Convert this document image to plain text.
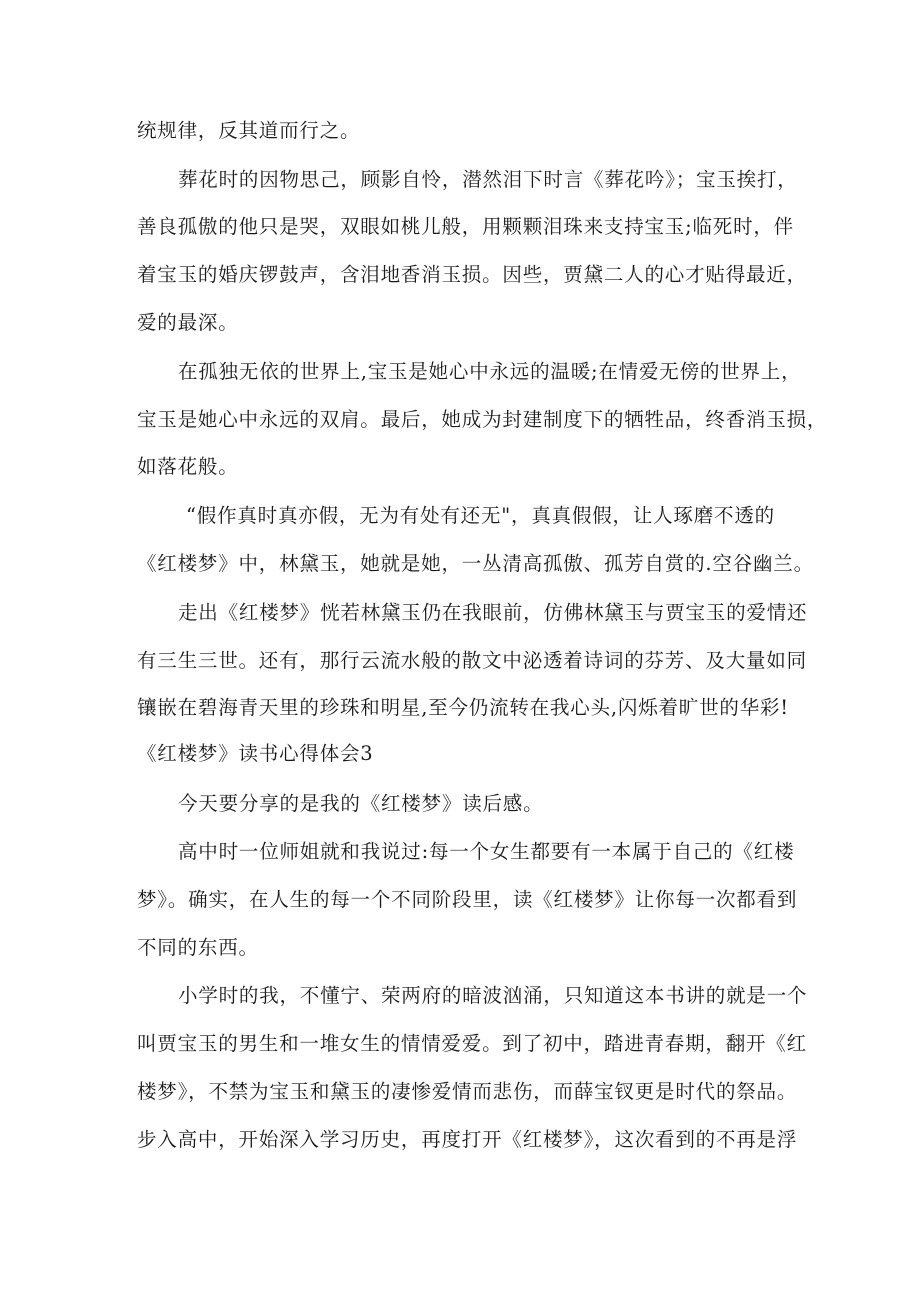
统规律，反其道而行之。
葬花时的因物思己，顾影自怜，潜然泪下时言《葬花吟》；宝玉挨打，
善良孤傲的他只是哭，双眼如桃儿般，用颗颗泪珠来支持宝玉;临死时，伴
着宝玉的婚庆锣鼓声，含泪地香消玉损。因些，贾黛二人的心才贴得最近，
爱的最深。
在孤独无依的世界上,宝玉是她心中永远的温暖;在情爱无傍的世界上，
宝玉是她心中永远的双肩。最后，她成为封建制度下的牺牲品，终香消玉损，
如落花般。
“假作真时真亦假，无为有处有还无"，真真假假，让人琢磨不透的
《红楼梦》中，林黛玉，她就是她，一丛清高孤傲、孤芳自赏的.空谷幽兰。
走出《红楼梦》恍若林黛玉仍在我眼前，仿佛林黛玉与贾宝玉的爱情还
有三生三世。还有，那行云流水般的散文中泌透着诗词的芬芳、及大量如同
镶嵌在碧海青天里的珍珠和明星,至今仍流转在我心头,闪烁着旷世的华彩!
《红楼梦》读书心得体会3
今天要分享的是我的《红楼梦》读后感。
高中时一位师姐就和我说过:每一个女生都要有一本属于自己的《红楼
梦》。确实，在人生的每一个不同阶段里，读《红楼梦》让你每一次都看到
不同的东西。
小学时的我，不懂宁、荣两府的暗波汹涌，只知道这本书讲的就是一个
叫贾宝玉的男生和一堆女生的情情爱爱。到了初中，踏进青春期，翻开《红
楼梦》，不禁为宝玉和黛玉的凄惨爱情而悲伤，而薛宝钗更是时代的祭品。
步入高中，开始深入学习历史，再度打开《红楼梦》，这次看到的不再是浮
